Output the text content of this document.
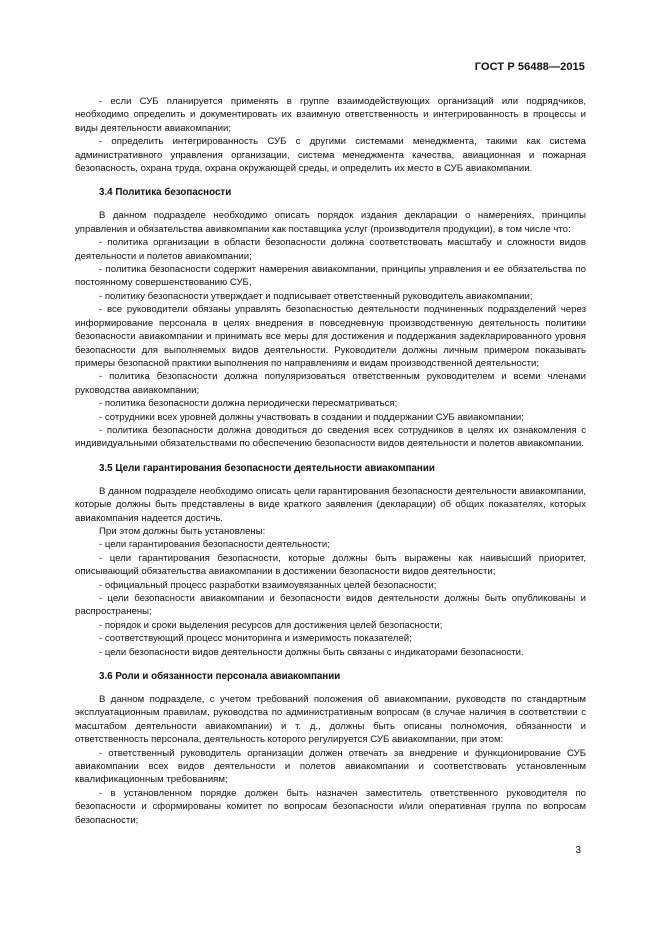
ГОСТ Р 56488—2015

- если СУБ планируется применять в группе взаимодействующих организаций или подрядчиков, необходимо определить и документировать их взаимную ответственность и интегрированность в процессы и виды деятельности авиакомпании;

- определить интегрированность СУБ с другими системами менеджмента, такими как система административного управления организации, система менеджмента качества, авиационная и пожарная безопасность, охрана труда, охрана окружающей среды, и определить их место в СУБ авиакомпании.

3.4 Политика безопасности

В данном подразделе необходимо описать порядок издания декларации о намерениях, принципы управления и обязательства авиакомпании как поставщика услуг (производителя продукции), в том числе что:

- политика организации в области безопасности должна соответствовать масштабу и сложности видов деятельности и полетов авиакомпании;

- политика безопасности содержит намерения авиакомпании, принципы управления и ее обязательства по постоянному совершенствованию СУБ,

- политику безопасности утверждает и подписывает ответственный руководитель авиакомпании;

- все руководители обязаны управлять безопасностью деятельности подчиненных подразделений через информирование персонала в целях внедрения в повседневную производственную деятельность политики безопасности авиакомпании и принимать все меры для достижения и поддержания задекларированного уровня безопасности для выполняемых видов деятельности. Руководители должны личным примером показывать примеры безопасной практики выполнения по направлениям и видам производственной деятельности;

- политика безопасности должна популяризоваться ответственным руководителем и всеми членами руководства авиакомпании;

- политика безопасности должна периодически пересматриваться;

- сотрудники всех уровней должны участвовать в создании и поддержании СУБ авиакомпании;

- политика безопасности должна доводиться до сведения всех сотрудников в целях их ознакомления с индивидуальными обязательствами по обеспечению безопасности видов деятельности и полетов авиакомпании.

3.5 Цели гарантирования безопасности деятельности авиакомпании

В данном подразделе необходимо описать цели гарантирования безопасности деятельности авиакомпании, которые должны быть представлены в виде краткого заявления (декларации) об общих показателях, которых авиакомпания надеется достичь.

При этом должны быть установлены:

- цели гарантирования безопасности деятельности;

- цели гарантирования безопасности, которые должны быть выражены как наивысший приоритет, описывающий обязательства авиакомпании в достижении безопасности видов деятельности;

- официальный процесс разработки взаимоувязанных целей безопасности;

- цели безопасности авиакомпании и безопасности видов деятельности должны быть опубликованы и распространены;

- порядок и сроки выделения ресурсов для достижения целей безопасности;

- соответствующий процесс мониторинга и измеримость показателей;

- цели безопасности видов деятельности должны быть связаны с индикаторами безопасности.

3.6 Роли и обязанности персонала авиакомпании

В данном подразделе, с учетом требований положения об авиакомпании, руководств по стандартным эксплуатационным правилам, руководства по административным вопросам (в случае наличия в соответствии с масштабом деятельности авиакомпании) и т. д., должны быть описаны полномочия, обязанности и ответственность персонала, деятельность которого регулируется СУБ авиакомпании, при этом:

- ответственный руководитель организации должен отвечать за внедрение и функционирование СУБ авиакомпании всех видов деятельности и полетов авиакомпании и соответствовать установленным квалификационным требованиям;

- в установленном порядке должен быть назначен заместитель ответственного руководителя по безопасности и сформированы комитет по вопросам безопасности и/или оперативная группа по вопросам безопасности;

3
